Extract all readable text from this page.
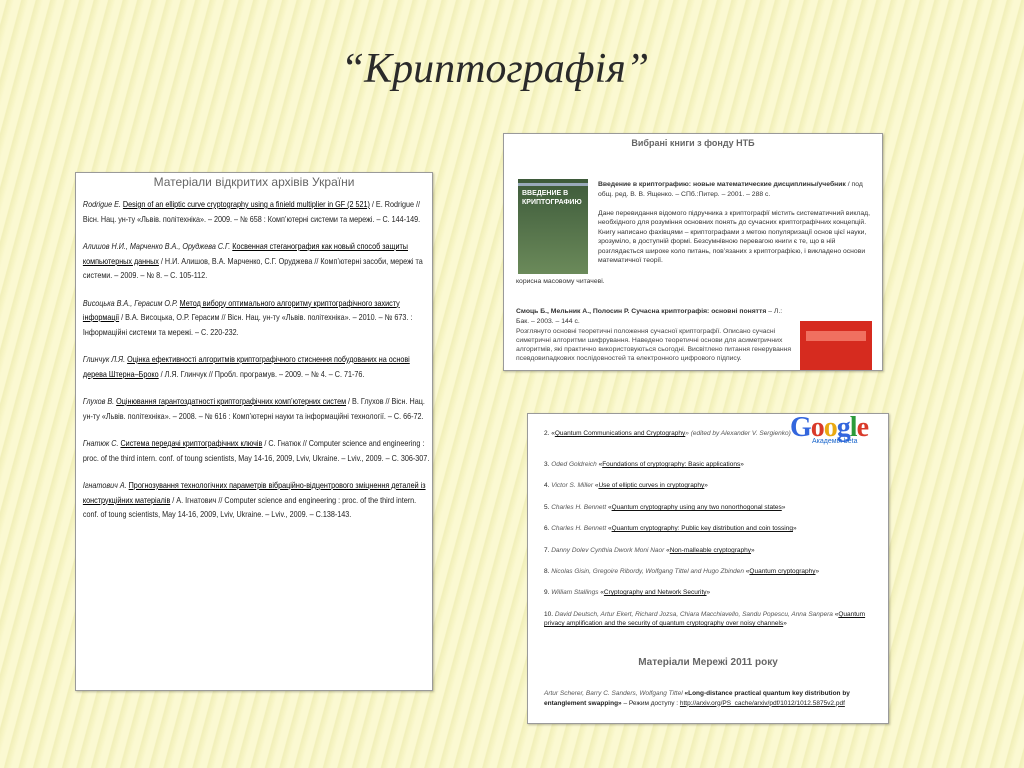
“Криптографія”
Матеріали відкритих архівів України
Rodrigue E. Design of an elliptic curve cryptography using a finield multiplier in GF (2 521) / E. Rodrigue // Вісн. Нац. ун-ту «Львів. політехніка». – 2009. – № 658 : Комп’ютерні системи та мережі. – С. 144-149.
Алишов Н.И., Марченко В.А., Оруджева С.Г. Косвенная стеганография как новый способ защиты компьютерных данных / Н.И. Алишов, В.А. Марченко, С.Г. Оруджева // Комп’ютерні засоби, мережі та системи. – 2009. – № 8. – С. 105-112.
Висоцька В.А., Герасим О.Р. Метод вибору оптимального алгоритму криптографічного захисту інформації / В.А. Висоцька, О.Р. Герасим // Вісн. Нац. ун-ту «Львів. політехніка». – 2010. – № 673. : Інформаційні системи та мережі. – С. 220-232.
Глинчук Л.Я. Оцінка ефективності алгоритмів криптографічного стиснення побудованих на основі дерева Штерна–Броко / Л.Я. Глинчук // Пробл. програмув. – 2009. – № 4. – С. 71-76.
Глухов В. Оцінювання гарантоздатності криптографічних комп’ютерних систем / В. Глухов // Вісн. Нац. ун-ту «Львів. політехніка». – 2008. – № 616 : Комп’ютерні науки та інформаційні технології. – С. 66-72.
Гнатюк С. Система передачі криптографічних ключів / С. Гнатюк // Computer science and engineering : proc. of the third intern. conf. of toung scientists, May 14-16, 2009, Lviv, Ukraine. – Lviv., 2009. – С. 306-307.
Ігнатович А. Прогнозування технологічних параметрів вібраційно-відцентрового зміцнення деталей із конструкційних матеріалів / А. Ігнатович // Computer science and engineering : proc. of the third intern. conf. of toung scientists, May 14-16, 2009, Lviv, Ukraine. – Lviv., 2009. – С.138-143.
Вибрані книги з фонду НТБ
ВВЕДЕНИЕ В КРИПТОГРАФИЮ
Введение в криптографию: новые математические дисциплины/учебник / под общ. ред. В. В. Ященко. – СПб.:Питер. – 2001. – 288 с.

Дане перевидання відомого підручника з криптографії містить систематичний виклад, необхідного для розуміння основних понять до сучасних криптографічних концепцій. Книгу написано фахівцями – криптографами з метою популяризації основ цієї науки, зрозуміло, в доступній формі. Безсумнівною перевагою книги є те, що в ній розглядається широке коло питань, пов’язаних з криптографією, і викладено основи математичної теорії.
корисна масовому читачеві.
Смоць Б., Мельник А., Полосин Р. Сучасна криптографія: основні поняття – Л.: Бак. – 2003. – 144 с.
Розглянуто основні теоретичні положення сучасної криптографії. Описано сучасні симетричні алгоритми шифрування. Наведено теоретичні основи для асиметричних алгоритмів, які практично використовуються сьогодні. Висвітлено питання генерування псевдовипадкових послідовностей та електронного цифрового підпису.
Google
Академія beta
2. «Quantum Communications and Cryptography» (edited by Alexander V. Sergienko)
3. Oded Goldreich «Foundations of cryptography: Basic applications»
4. Victor S. Miller «Use of elliptic curves in cryptography»
5. Charles H. Bennett «Quantum cryptography using any two nonorthogonal states»
6. Charles H. Bennett «Quantum cryptography: Public key distribution and coin tossing»
7. Danny Dolev Cynthia Dwork Moni Naor «Non-malleable cryptography»
8. Nicolas Gisin, Gregoire Ribordy, Wolfgang Tittel and Hugo Zbinden «Quantum cryptography»
9. William Stallings «Cryptography and Network Security»
10. David Deutsch, Artur Ekert, Richard Jozsa, Chiara Macchiavello, Sandu Popescu, Anna Sanpera «Quantum privacy amplification and the security of quantum cryptography over noisy channels»
Матеріали Мережі 2011 року
Artur Scherer, Barry C. Sanders, Wolfgang Tittel «Long-distance practical quantum key distribution by entanglement swapping» – Режим доступу : http://arxiv.org/PS_cache/arxiv/pdf/1012/1012.5875v2.pdf
